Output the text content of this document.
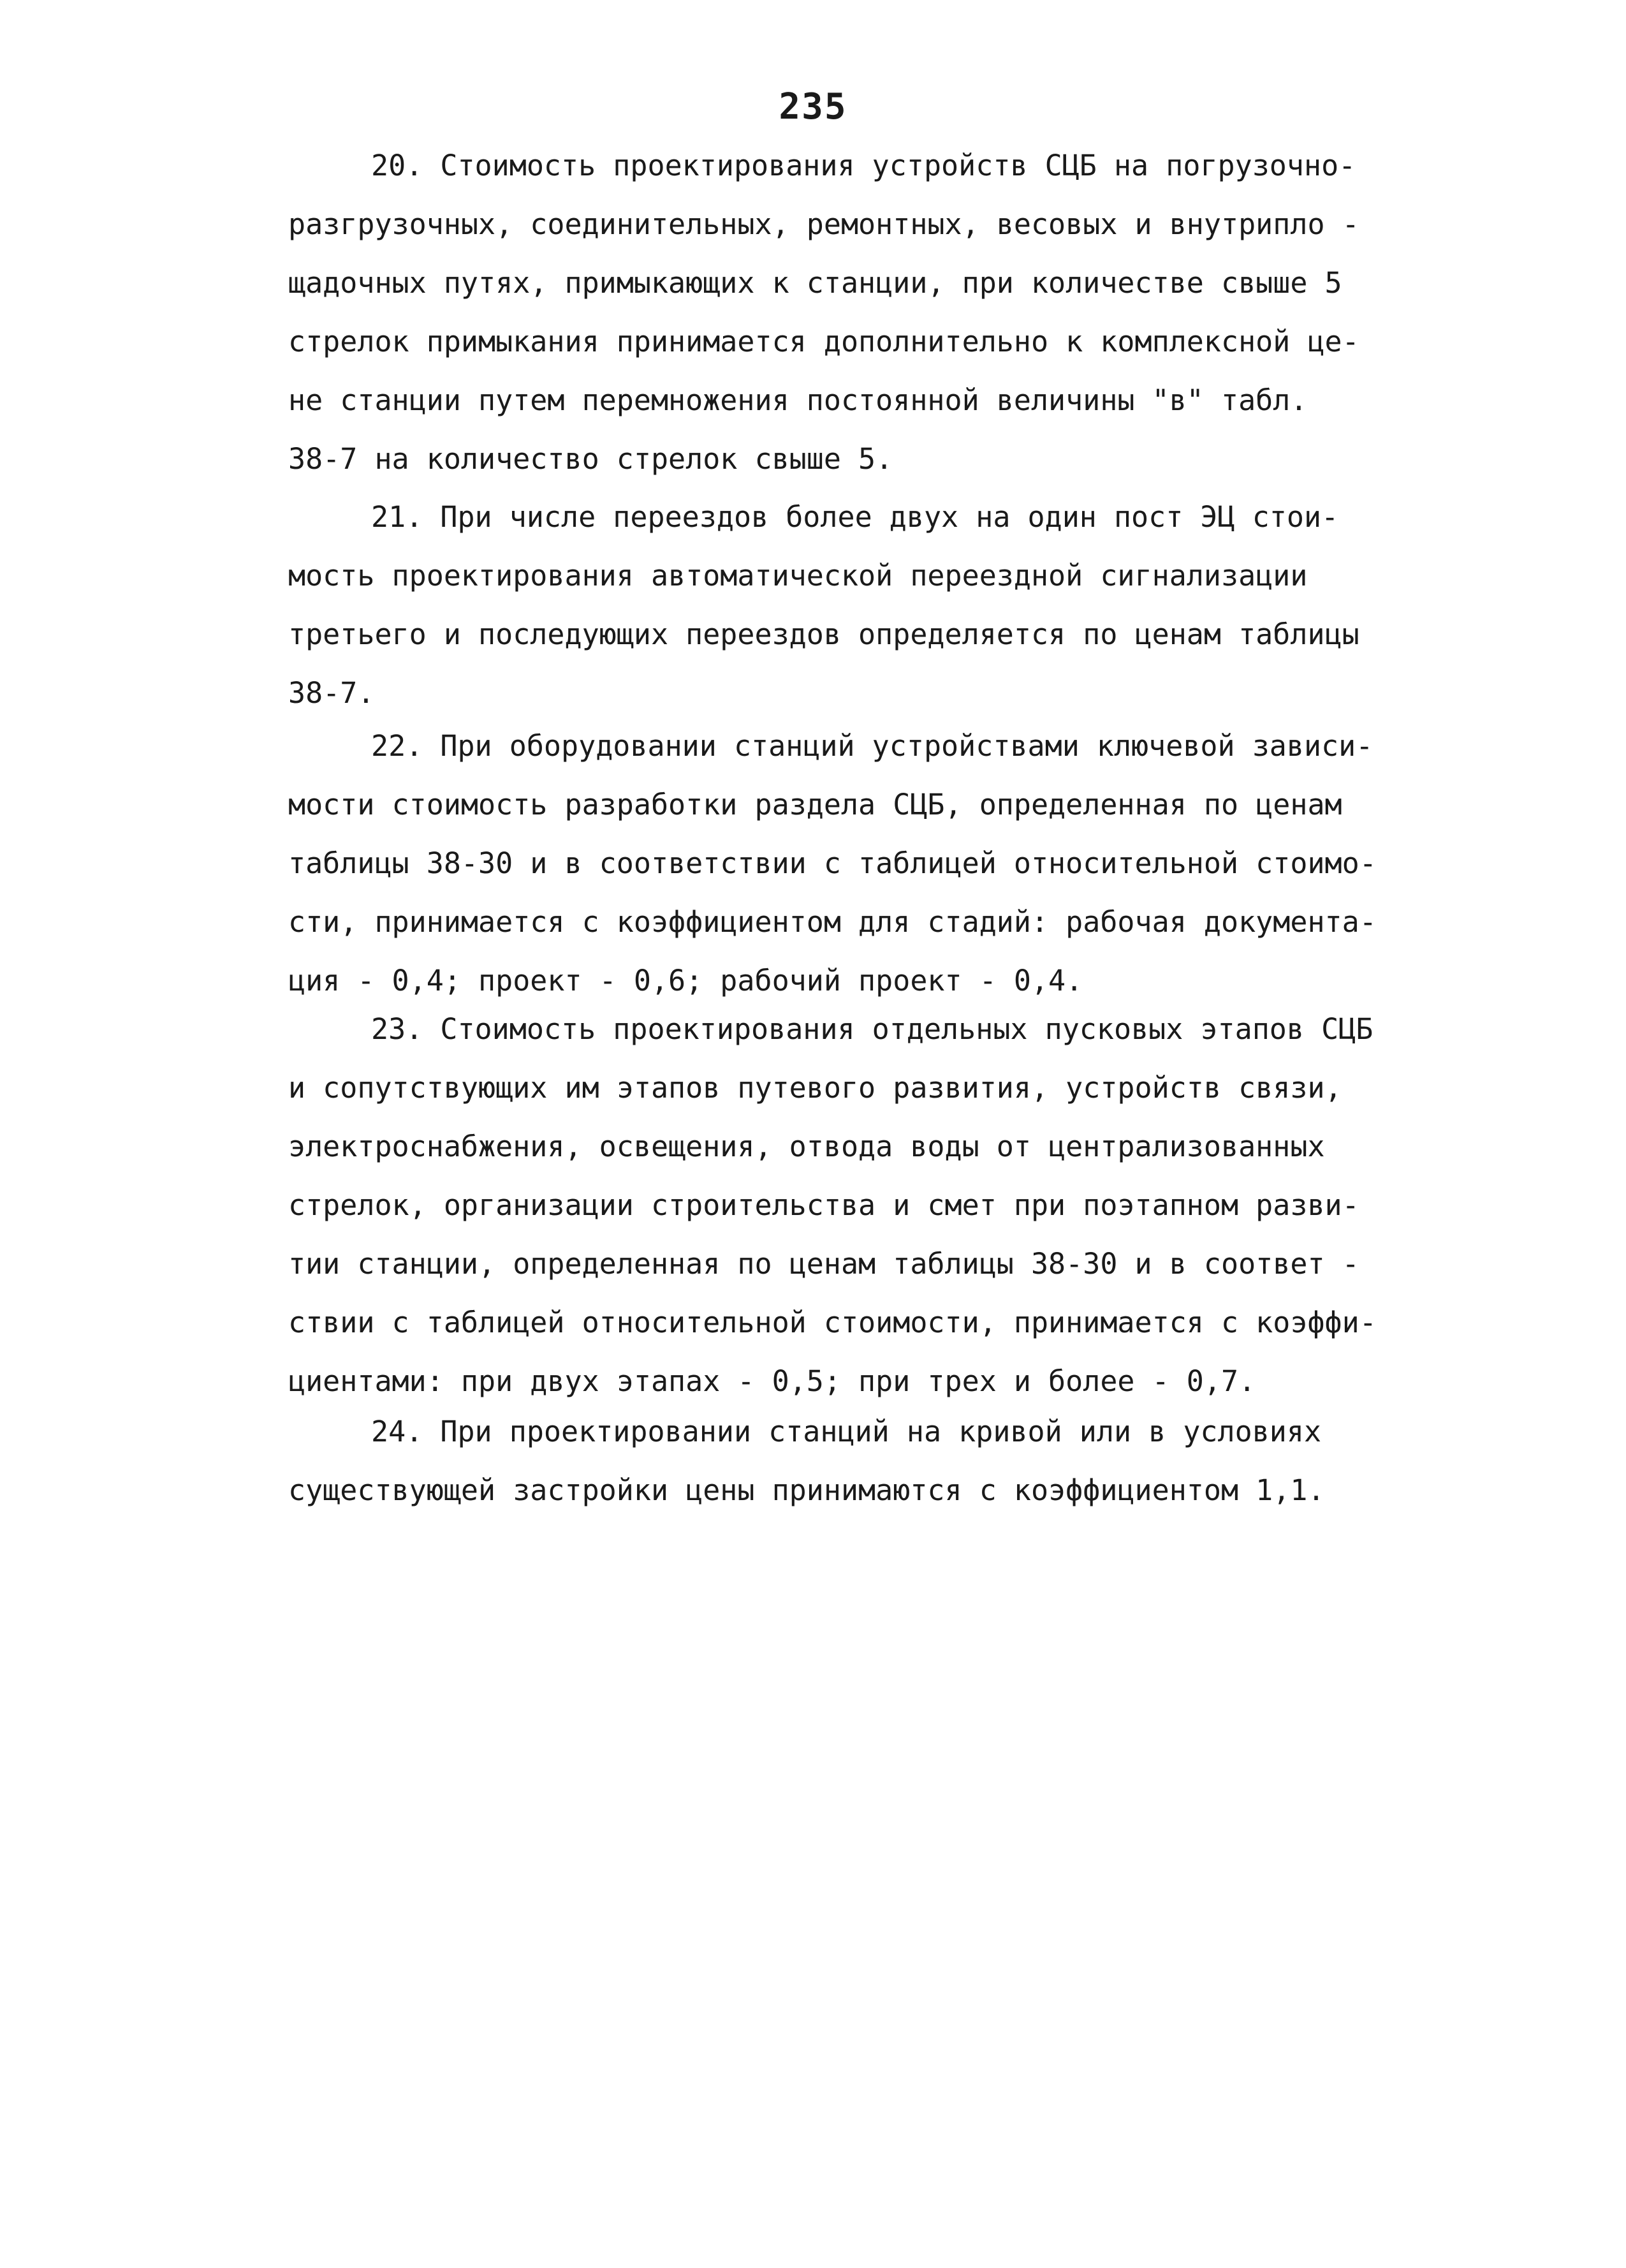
235
20. Стоимость проектирования устройств СЦБ на погрузочно-
разгрузочных, соединительных, ремонтных, весовых и внутрипло -
щадочных путях, примыкающих к станции, при количестве свыше 5
стрелок примыкания принимается дополнительно к комплексной це-
не станции путем перемножения постоянной величины "в" табл.
38-7 на количество стрелок свыше 5.
21. При числе переездов более двух на один пост ЭЦ стои-
мость проектирования автоматической переездной сигнализации
третьего и последующих переездов определяется по ценам таблицы
38-7.
22. При оборудовании станций устройствами ключевой зависи-
мости стоимость разработки раздела СЦБ, определенная по ценам
таблицы 38-30 и в соответствии с таблицей относительной стоимо-
сти, принимается с коэффициентом для стадий: рабочая документа-
ция - 0,4; проект - 0,6; рабочий проект - 0,4.
23. Стоимость проектирования отдельных пусковых этапов СЦБ
и сопутствующих им этапов путевого развития, устройств связи,
электроснабжения, освещения, отвода воды от централизованных
стрелок, организации строительства и смет при поэтапном разви-
тии станции, определенная по ценам таблицы 38-30 и в соответ -
ствии с таблицей относительной стоимости, принимается с коэффи-
циентами: при двух этапах - 0,5; при трех и более - 0,7.
24. При проектировании станций на кривой или в условиях
существующей застройки цены принимаются с коэффициентом 1,1.
